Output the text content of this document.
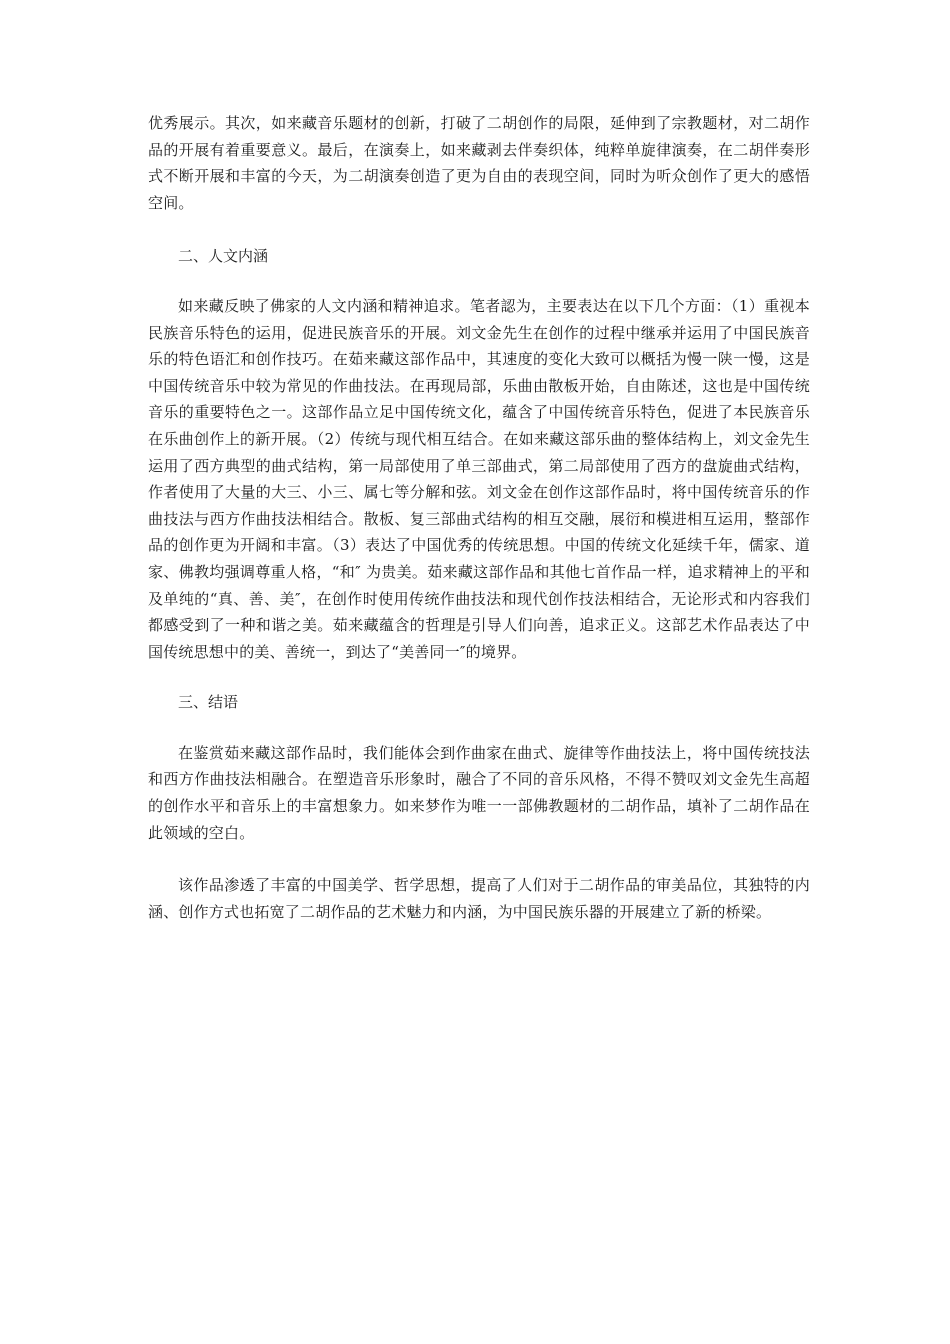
优秀展示。其次，如来藏音乐题材的创新，打破了二胡创作的局限，延伸到了宗教题材，对二胡作品的开展有着重要意义。最后，在演奏上，如来藏剥去伴奏织体，纯粹单旋律演奏，在二胡伴奏形式不断开展和丰富的今天，为二胡演奏创造了更为自由的表现空间，同时为听众创作了更大的感悟空间。

二、人文内涵

如来藏反映了佛家的人文内涵和精神追求。笔者認为，主要表达在以下几个方面：（1）重视本民族音乐特色的运用，促进民族音乐的开展。刘文金先生在创作的过程中继承并运用了中国民族音乐的特色语汇和创作技巧。在茹来藏这部作品中，其速度的变化大致可以概括为慢一陕一慢，这是中国传统音乐中较为常见的作曲技法。在再现局部，乐曲由散板开始，自由陈述，这也是中国传统音乐的重要特色之一。这部作品立足中国传统文化，蕴含了中国传统音乐特色，促进了本民族音乐在乐曲创作上的新开展。（2）传统与现代相互结合。在如来藏这部乐曲的整体结构上，刘文金先生运用了西方典型的曲式结构，第一局部使用了单三部曲式，第二局部使用了西方的盘旋曲式结构，作者使用了大量的大三、小三、属七等分解和弦。刘文金在创作这部作品时，将中国传统音乐的作曲技法与西方作曲技法相结合。散板、复三部曲式结构的相互交融，展衍和模进相互运用，整部作品的创作更为开阔和丰富。（3）表达了中国优秀的传统思想。中国的传统文化延续千年，儒家、道家、佛教均强调尊重人格，“和″ 为贵美。茹来藏这部作品和其他七首作品一样，追求精神上的平和及单纯的“真、善、美″，在创作时使用传统作曲技法和现代创作技法相结合，无论形式和内容我们都感受到了一种和谐之美。茹来藏蕴含的哲理是引导人们向善，追求正义。这部艺术作品表达了中国传统思想中的美、善统一，到达了“美善同一″的境界。

三、结语

在鉴赏茹来藏这部作品时，我们能体会到作曲家在曲式、旋律等作曲技法上，将中国传统技法和西方作曲技法相融合。在塑造音乐形象时，融合了不同的音乐风格，不得不赞叹刘文金先生高超的创作水平和音乐上的丰富想象力。如来梦作为唯一一部佛教题材的二胡作品，填补了二胡作品在此领域的空白。

该作品渗透了丰富的中国美学、哲学思想，提高了人们对于二胡作品的审美品位，其独特的内涵、创作方式也拓宽了二胡作品的艺术魅力和内涵，为中国民族乐器的开展建立了新的桥梁。
